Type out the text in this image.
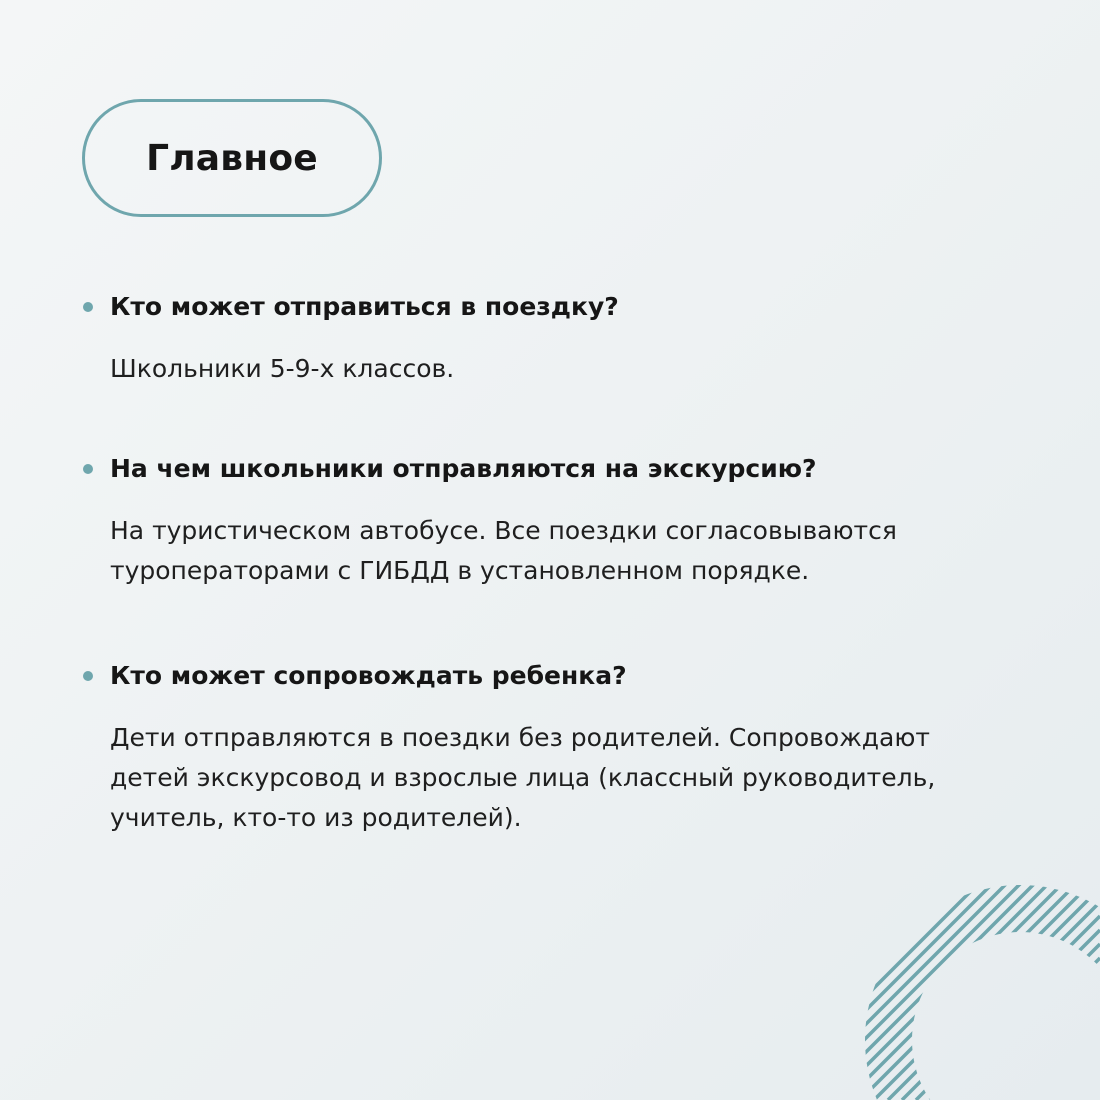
Главное
Кто может отправиться в поездку?
Школьники 5-9-х классов.
На чем школьники отправляются на экскурсию?
На туристическом автобусе. Все поездки согласовываются
туроператорами с ГИБДД в установленном порядке.
Кто может сопровождать ребенка?
Дети отправляются в поездки без родителей. Сопровождают
детей экскурсовод и взрослые лица (классный руководитель,
учитель, кто-то из родителей).
